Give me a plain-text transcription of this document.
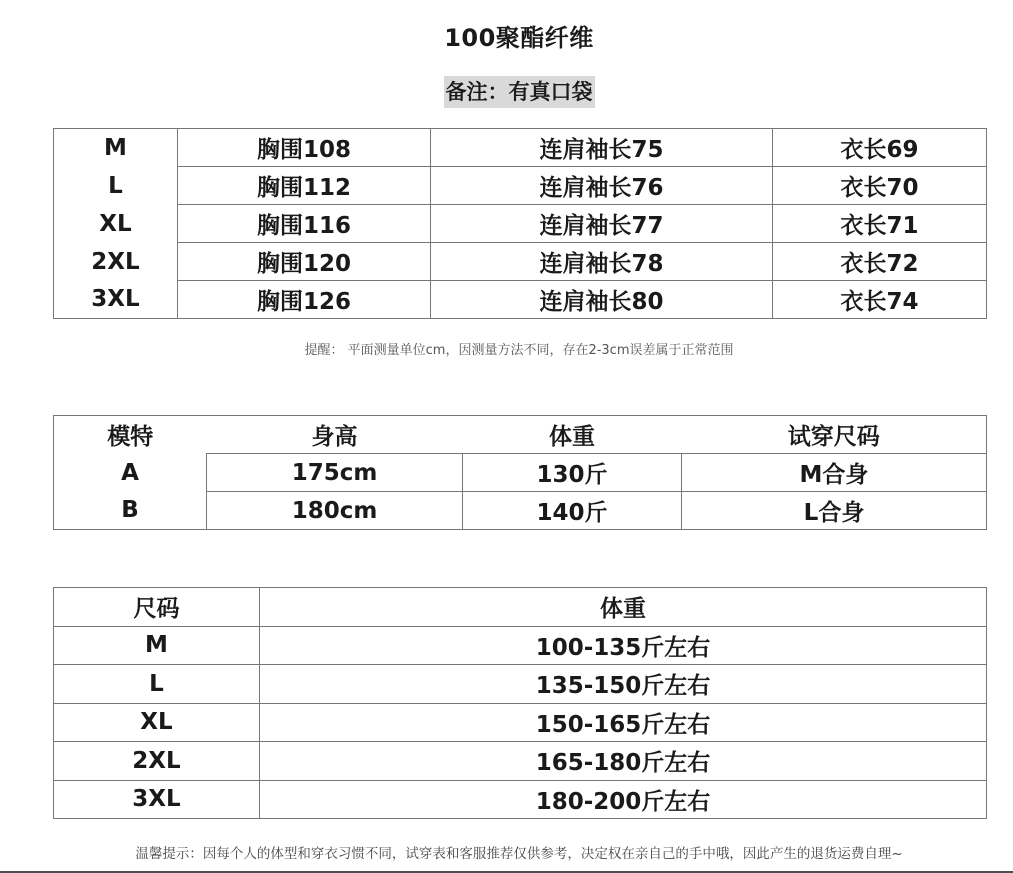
100聚酯纤维
备注：有真口袋
M	胸围108	连肩袖长75	衣长69
L	胸围112	连肩袖长76	衣长70
XL	胸围116	连肩袖长77	衣长71
2XL	胸围120	连肩袖长78	衣长72
3XL	胸围126	连肩袖长80	衣长74
提醒： 平面测量单位cm，因测量方法不同，存在2-3cm误差属于正常范围
模特	身高	体重	试穿尺码
A	175cm	130斤	M合身
B	180cm	140斤	L合身
尺码	体重
M	100-135斤左右
L	135-150斤左右
XL	150-165斤左右
2XL	165-180斤左右
3XL	180-200斤左右
温馨提示：因每个人的体型和穿衣习惯不同，试穿表和客服推荐仅供参考，决定权在亲自己的手中哦，因此产生的退货运费自理~
